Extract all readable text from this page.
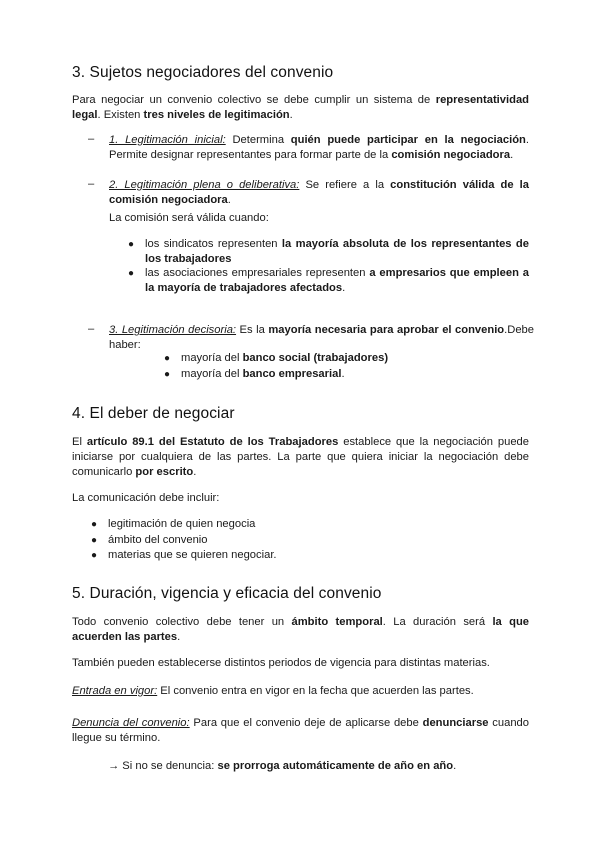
3. Sujetos negociadores del convenio

Para negociar un convenio colectivo se debe cumplir un sistema de representatividad legal. Existen tres niveles de legitimación.

– 1. Legitimación inicial: Determina quién puede participar en la negociación. Permite designar representantes para formar parte de la comisión negociadora.
– 2. Legitimación plena o deliberativa: Se refiere a la constitución válida de la comisión negociadora.
La comisión será válida cuando:
● los sindicatos representen la mayoría absoluta de los representantes de los trabajadores
● las asociaciones empresariales representen a empresarios que empleen a la mayoría de trabajadores afectados.
– 3. Legitimación decisoria: Es la mayoría necesaria para aprobar el convenio.Debe haber:
● mayoría del banco social (trabajadores)
● mayoría del banco empresarial.
4. El deber de negociar

El artículo 89.1 del Estatuto de los Trabajadores establece que la negociación puede iniciarse por cualquiera de las partes. La parte que quiera iniciar la negociación debe comunicarlo por escrito.

La comunicación debe incluir:

● legitimación de quien negocia
● ámbito del convenio
● materias que se quieren negociar.
5. Duración, vigencia y eficacia del convenio

Todo convenio colectivo debe tener un ámbito temporal. La duración será la que acuerden las partes.

También pueden establecerse distintos periodos de vigencia para distintas materias.

Entrada en vigor: El convenio entra en vigor en la fecha que acuerden las partes.

Denuncia del convenio: Para que el convenio deje de aplicarse debe denunciarse cuando llegue su término.

→ Si no se denuncia: se prorroga automáticamente de año en año.
